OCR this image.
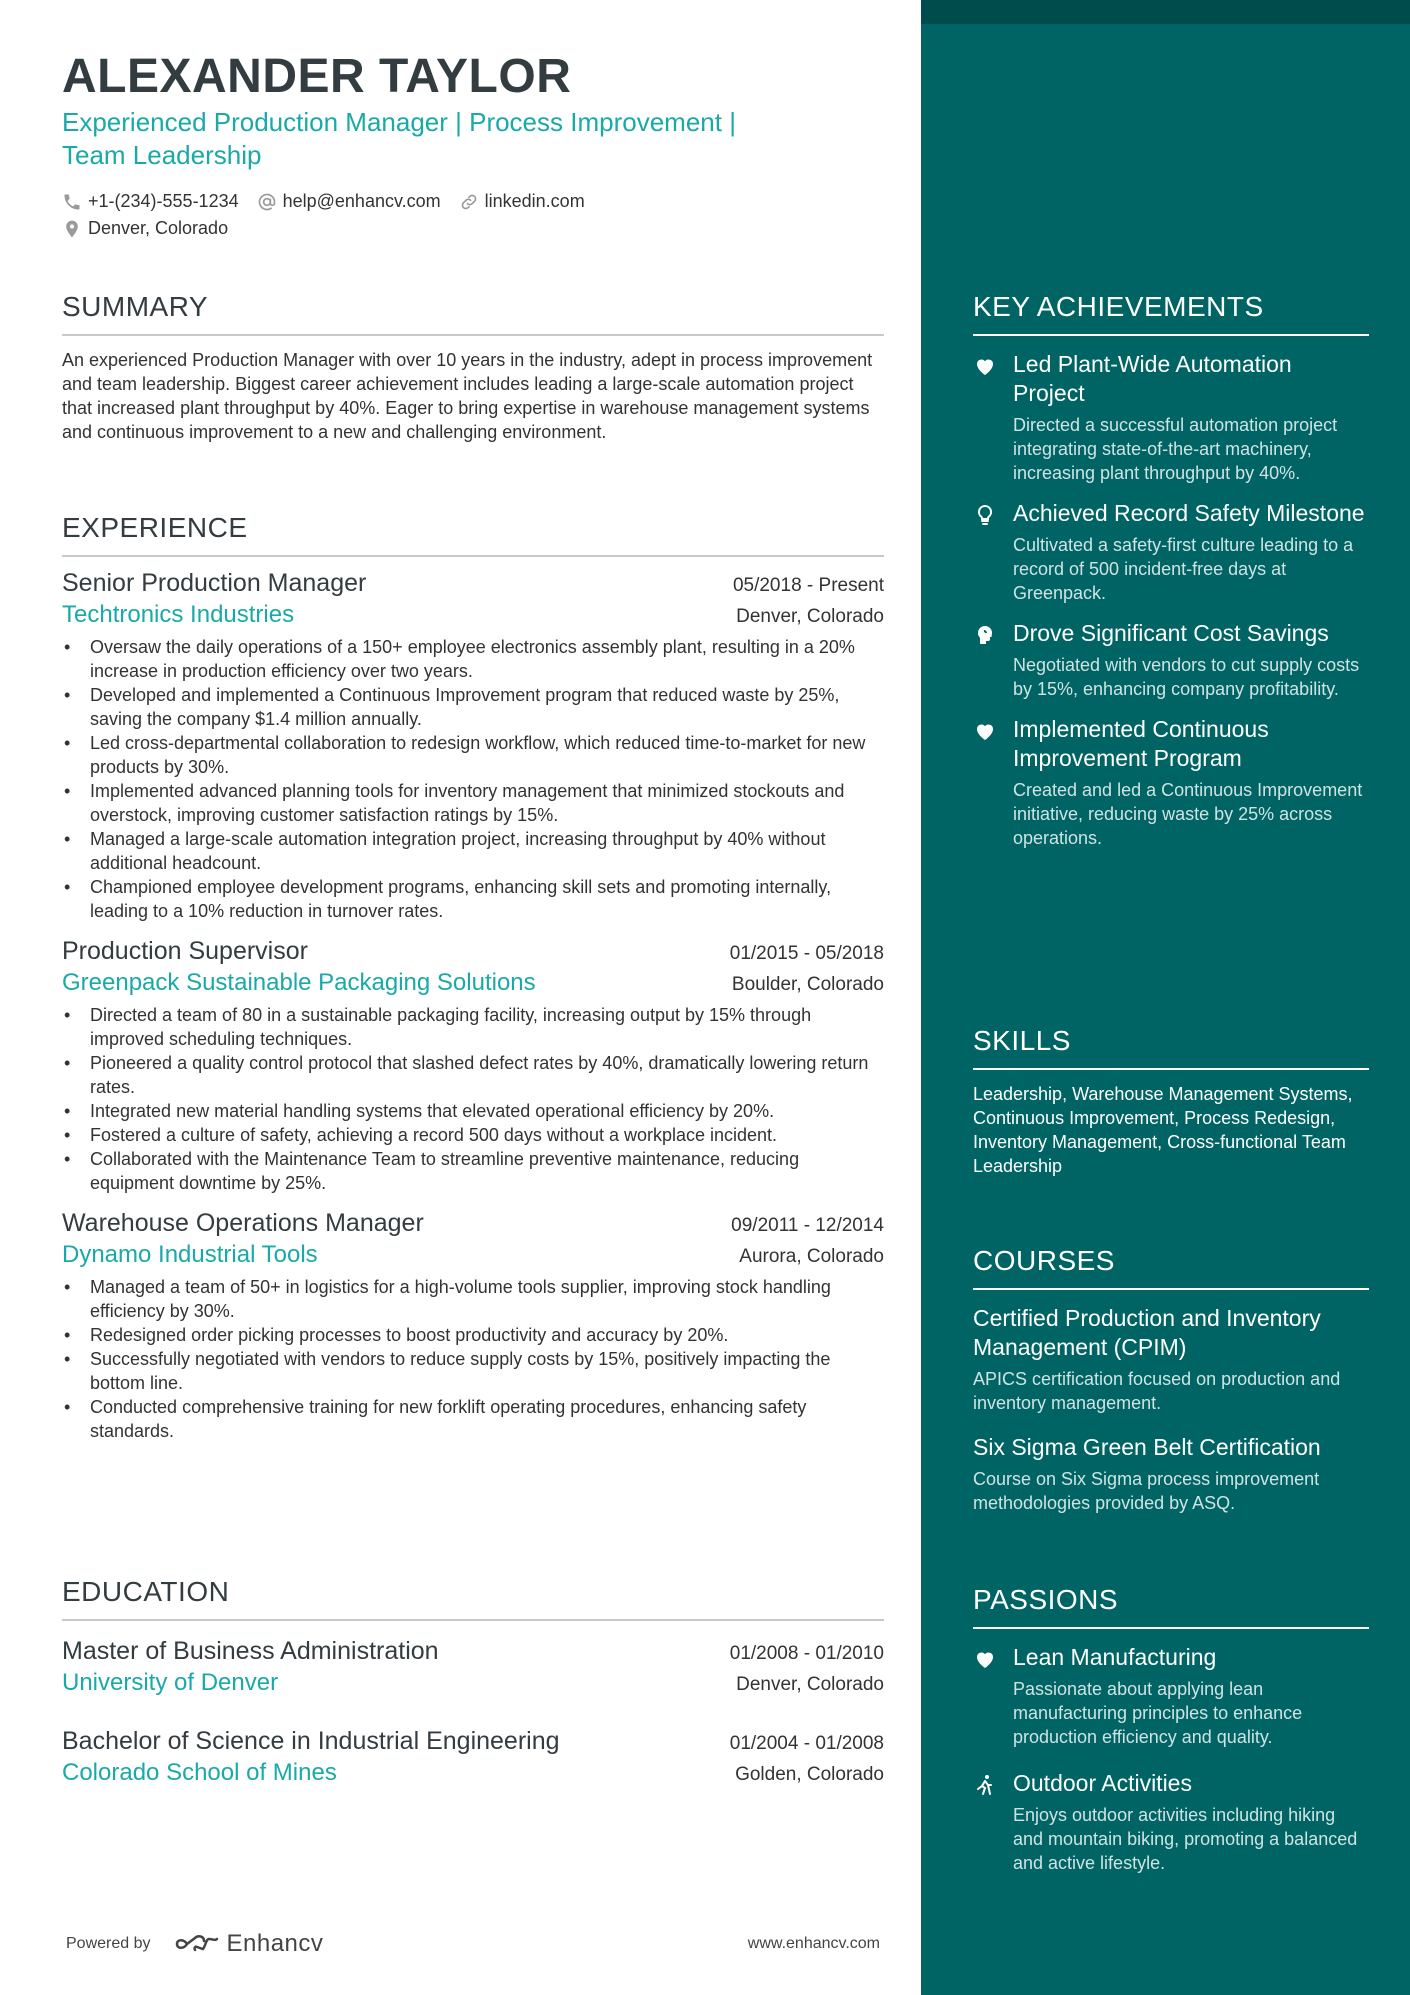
ALEXANDER TAYLOR
Experienced Production Manager | Process Improvement |
Team Leadership
+1-(234)-555-1234 help@enhancv.com linkedin.com
Denver, Colorado
SUMMARY
An experienced Production Manager with over 10 years in the industry, adept in process improvement and team leadership. Biggest career achievement includes leading a large-scale automation project that increased plant throughput by 40%. Eager to bring expertise in warehouse management systems and continuous improvement to a new and challenging environment.
EXPERIENCE
Senior Production Manager	05/2018 - Present
Techtronics Industries	Denver, Colorado
• Oversaw the daily operations of a 150+ employee electronics assembly plant, resulting in a 20% increase in production efficiency over two years.
• Developed and implemented a Continuous Improvement program that reduced waste by 25%, saving the company $1.4 million annually.
• Led cross-departmental collaboration to redesign workflow, which reduced time-to-market for new products by 30%.
• Implemented advanced planning tools for inventory management that minimized stockouts and overstock, improving customer satisfaction ratings by 15%.
• Managed a large-scale automation integration project, increasing throughput by 40% without additional headcount.
• Championed employee development programs, enhancing skill sets and promoting internally, leading to a 10% reduction in turnover rates.
Production Supervisor	01/2015 - 05/2018
Greenpack Sustainable Packaging Solutions	Boulder, Colorado
• Directed a team of 80 in a sustainable packaging facility, increasing output by 15% through improved scheduling techniques.
• Pioneered a quality control protocol that slashed defect rates by 40%, dramatically lowering return rates.
• Integrated new material handling systems that elevated operational efficiency by 20%.
• Fostered a culture of safety, achieving a record 500 days without a workplace incident.
• Collaborated with the Maintenance Team to streamline preventive maintenance, reducing equipment downtime by 25%.
Warehouse Operations Manager	09/2011 - 12/2014
Dynamo Industrial Tools	Aurora, Colorado
• Managed a team of 50+ in logistics for a high-volume tools supplier, improving stock handling efficiency by 30%.
• Redesigned order picking processes to boost productivity and accuracy by 20%.
• Successfully negotiated with vendors to reduce supply costs by 15%, positively impacting the bottom line.
• Conducted comprehensive training for new forklift operating procedures, enhancing safety standards.
EDUCATION
Master of Business Administration	01/2008 - 01/2010
University of Denver	Denver, Colorado
Bachelor of Science in Industrial Engineering	01/2004 - 01/2008
Colorado School of Mines	Golden, Colorado
Powered by	Enhancv	www.enhancv.com
KEY ACHIEVEMENTS
Led Plant-Wide Automation Project
Directed a successful automation project integrating state-of-the-art machinery, increasing plant throughput by 40%.
Achieved Record Safety Milestone
Cultivated a safety-first culture leading to a record of 500 incident-free days at Greenpack.
Drove Significant Cost Savings
Negotiated with vendors to cut supply costs by 15%, enhancing company profitability.
Implemented Continuous Improvement Program
Created and led a Continuous Improvement initiative, reducing waste by 25% across operations.
SKILLS
Leadership, Warehouse Management Systems, Continuous Improvement, Process Redesign, Inventory Management, Cross-functional Team Leadership
COURSES
Certified Production and Inventory Management (CPIM)
APICS certification focused on production and inventory management.
Six Sigma Green Belt Certification
Course on Six Sigma process improvement methodologies provided by ASQ.
PASSIONS
Lean Manufacturing
Passionate about applying lean manufacturing principles to enhance production efficiency and quality.
Outdoor Activities
Enjoys outdoor activities including hiking and mountain biking, promoting a balanced and active lifestyle.
